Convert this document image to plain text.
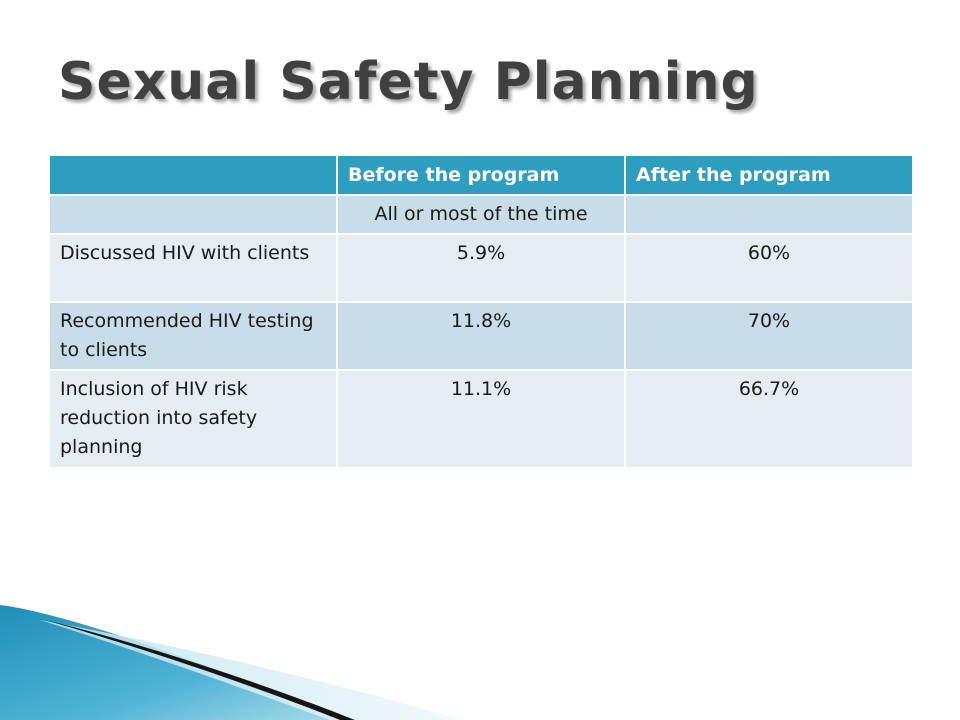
Sexual Safety Planning
	Before the program	After the program
	All or most of the time	
Discussed HIV with clients	5.9%	60%
Recommended HIV testing to clients	11.8%	70%
Inclusion of HIV risk reduction into safety planning	11.1%	66.7%
